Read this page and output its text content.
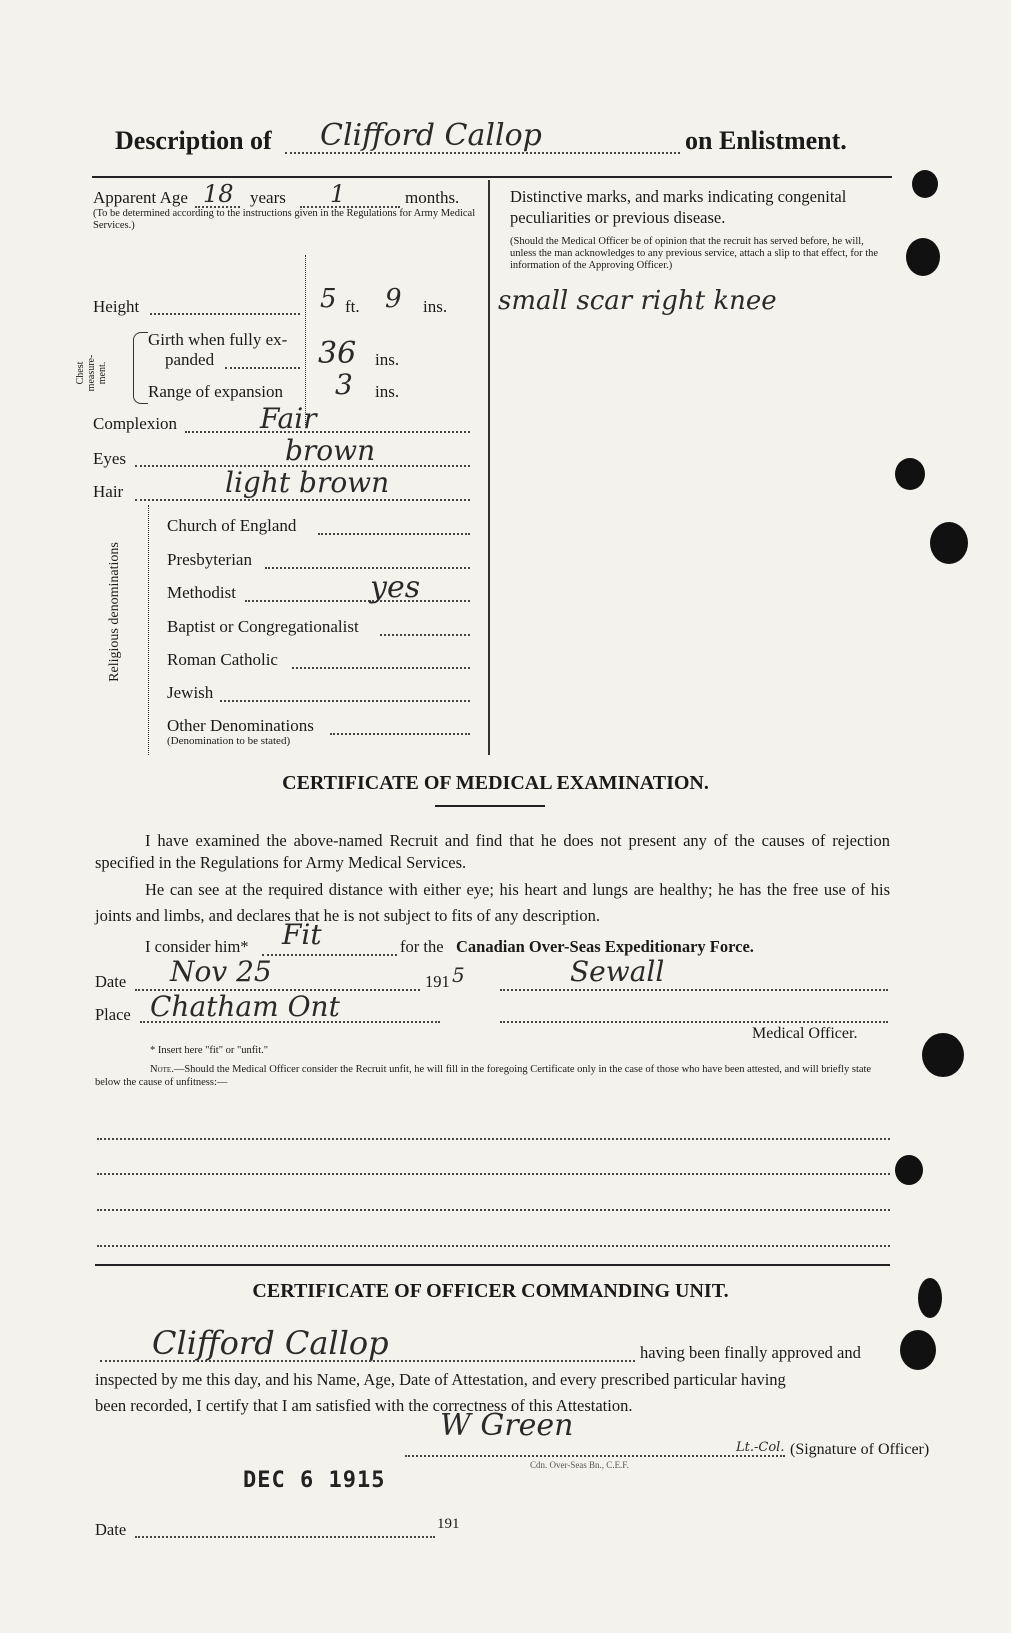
Description of Clifford Callop	on Enlistment.
Apparent Age 18 years 1	months.
(To be determined according to the instructions given in the Regulations for Army Medical Services.)
Height	5 ft. 9 ins.
Chest measure- ment.
Girth when fully ex-
panded	36 ins.
Range of expansion 3 ins.
Complexion	Fair
Eyes	brown
Hair	light brown
Religious denominations
Church of England
Presbyterian
Methodist	yes
Baptist or Congregationalist
Roman Catholic
Jewish
Other Denominations
(Denomination to be stated)
Distinctive marks, and marks indicating congenital peculiarities or previous disease.
(Should the Medical Officer be of opinion that the recruit has served before, he will, unless the man acknowledges to any previous service, attach a slip to that effect, for the information of the Approving Officer.)
small scar right knee
CERTIFICATE OF MEDICAL EXAMINATION.
I have examined the above-named Recruit and find that he does not present any of the causes of rejection specified in the Regulations for Army Medical Services.
He can see at the required distance with either eye; his heart and lungs are healthy; he has the free use of his joints and limbs, and declares that he is not subject to fits of any description.
I consider him* Fit	for the Canadian Over-Seas Expeditionary Force.
Date Nov 25	191 5	Sewall
Place Chatham Ont
Medical Officer.
* Insert here "fit" or "unfit."
Note.—Should the Medical Officer consider the Recruit unfit, he will fill in the foregoing Certificate only in the case of those who have been attested, and will briefly state below the cause of unfitness:—
CERTIFICATE OF OFFICER COMMANDING UNIT.
Clifford Callop	having been finally approved and
inspected by me this day, and his Name, Age, Date of Attestation, and every prescribed particular having
been recorded, I certify that I am satisfied with the correctness of this Attestation.
W Green
Lt.-Col. (Signature of Officer)
Cdn. Over-Seas Bn., C.E.F.
DEC 6 1915
Date	191
